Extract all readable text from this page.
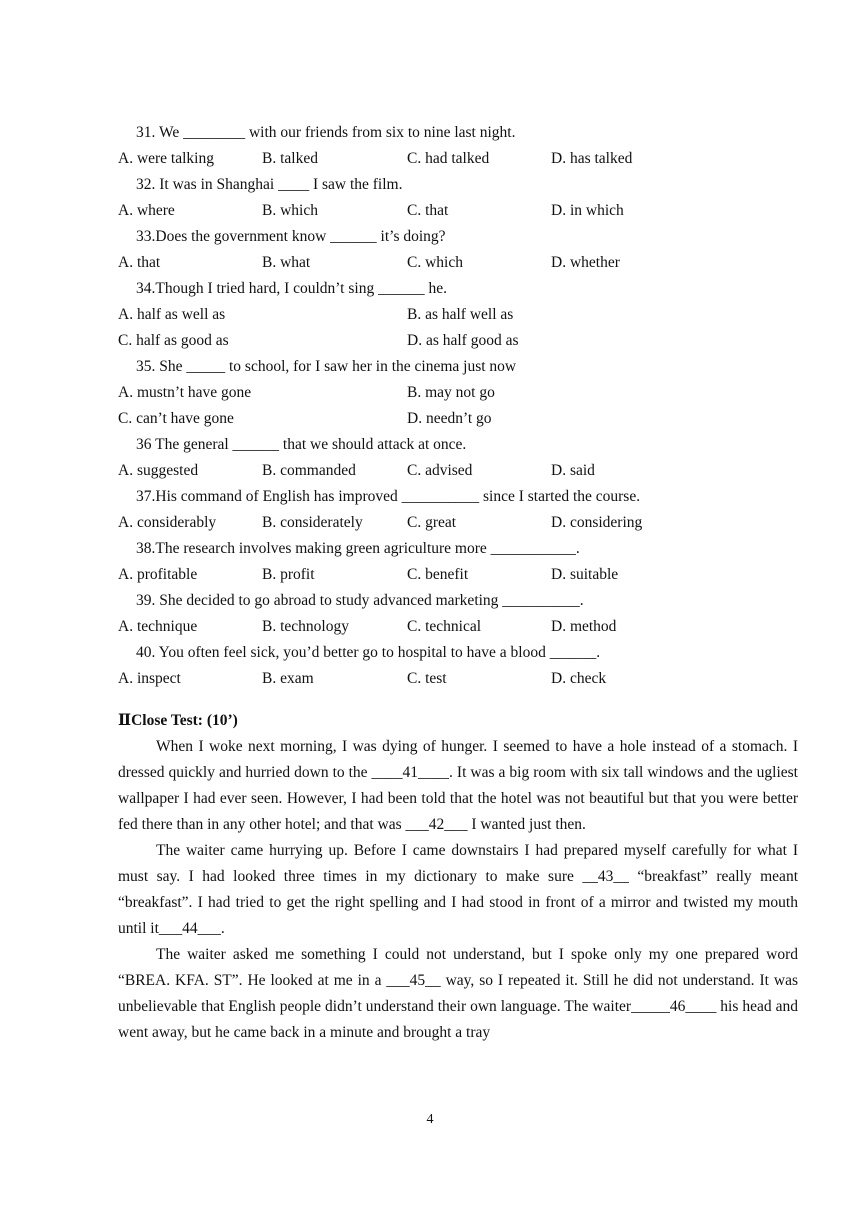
31. We ________ with our friends from six to nine last night.
A. were talking	B. talked	C. had talked	D. has talked
32. It was in Shanghai ____ I saw the film.
A. where	B. which	C. that	D. in which
33.Does the government know ______ it’s doing?
A. that	B. what	C. which	D. whether
34.Though I tried hard, I couldn’t sing ______ he.
A. half as well as	B. as half well as
C. half as good as	D. as half good as
35. She _____ to school, for I saw her in the cinema just now
A. mustn’t have gone	B. may not go
C. can’t have gone	D. needn’t go
36 The general ______ that we should attack at once.
A. suggested	B. commanded	C. advised	D. said
37.His command of English has improved __________ since I started the course.
A. considerably	B. considerately	C. great	D. considering
38.The research involves making green agriculture more ___________.
A. profitable	B. profit	C. benefit	D. suitable
39. She decided to go abroad to study advanced marketing __________.
A. technique	B. technology	C. technical	D. method
40. You often feel sick, you’d better go to hospital to have a blood ______.
A. inspect	B. exam	C. test	D. check
ⅡClose Test: (10’)

When I woke next morning, I was dying of hunger. I seemed to have a hole instead of a stomach. I dressed quickly and hurried down to the ____41____. It was a big room with six tall windows and the ugliest wallpaper I had ever seen. However, I had been told that the hotel was not beautiful but that you were better fed there than in any other hotel; and that was ___42___ I wanted just then.

The waiter came hurrying up. Before I came downstairs I had prepared myself carefully for what I must say. I had looked three times in my dictionary to make sure __43__ “breakfast” really meant “breakfast”. I had tried to get the right spelling and I had stood in front of a mirror and twisted my mouth until it___44___.

The waiter asked me something I could not understand, but I spoke only my one prepared word “BREA. KFA. ST”. He looked at me in a ___45__ way, so I repeated it. Still he did not understand. It was unbelievable that English people didn’t understand their own language. The waiter_____46____ his head and went away, but he came back in a minute and brought a tray

4
